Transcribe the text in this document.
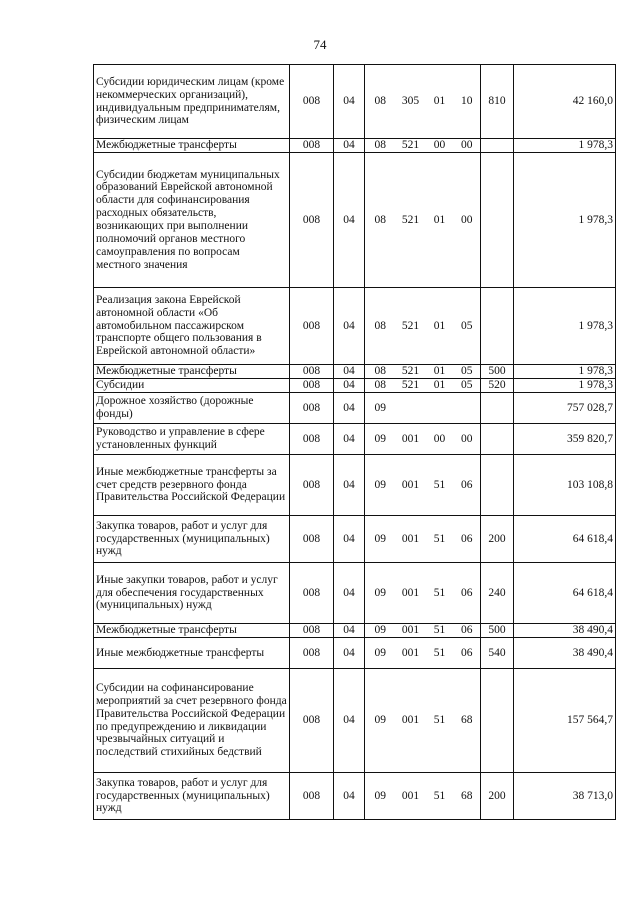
74
Субсидии юридическим лицам (кроме некоммерческих организаций), индивидуальным предпринимателям, физическим лицам	008	04	08	305	01	10	810	42 160,0
Межбюджетные трансферты	008	04	08	521	00	00		1 978,3
Субсидии бюджетам муниципальных образований Еврейской автономной области для софинансирования расходных обязательств, возникающих при выполнении полномочий органов местного самоуправления по вопросам местного значения	008	04	08	521	01	00		1 978,3
Реализация закона Еврейской автономной области «Об автомобильном пассажирском транспорте общего пользования в Еврейской автономной области»	008	04	08	521	01	05		1 978,3
Межбюджетные трансферты	008	04	08	521	01	05	500	1 978,3
Субсидии	008	04	08	521	01	05	520	1 978,3
Дорожное хозяйство (дорожные фонды)	008	04	09					757 028,7
Руководство и управление в сфере установленных функций	008	04	09	001	00	00		359 820,7
Иные межбюджетные трансферты за счет средств резервного фонда Правительства Российской Федерации	008	04	09	001	51	06		103 108,8
Закупка товаров, работ и услуг для государственных (муниципальных) нужд	008	04	09	001	51	06	200	64 618,4
Иные закупки товаров, работ и услуг для обеспечения государственных (муниципальных) нужд	008	04	09	001	51	06	240	64 618,4
Межбюджетные трансферты	008	04	09	001	51	06	500	38 490,4
Иные межбюджетные трансферты	008	04	09	001	51	06	540	38 490,4
Субсидии на софинансирование мероприятий за счет резервного фонда Правительства Российской Федерации по предупреждению и ликвидации чрезвычайных ситуаций и последствий стихийных бедствий	008	04	09	001	51	68		157 564,7
Закупка товаров, работ и услуг для государственных (муниципальных) нужд	008	04	09	001	51	68	200	38 713,0
